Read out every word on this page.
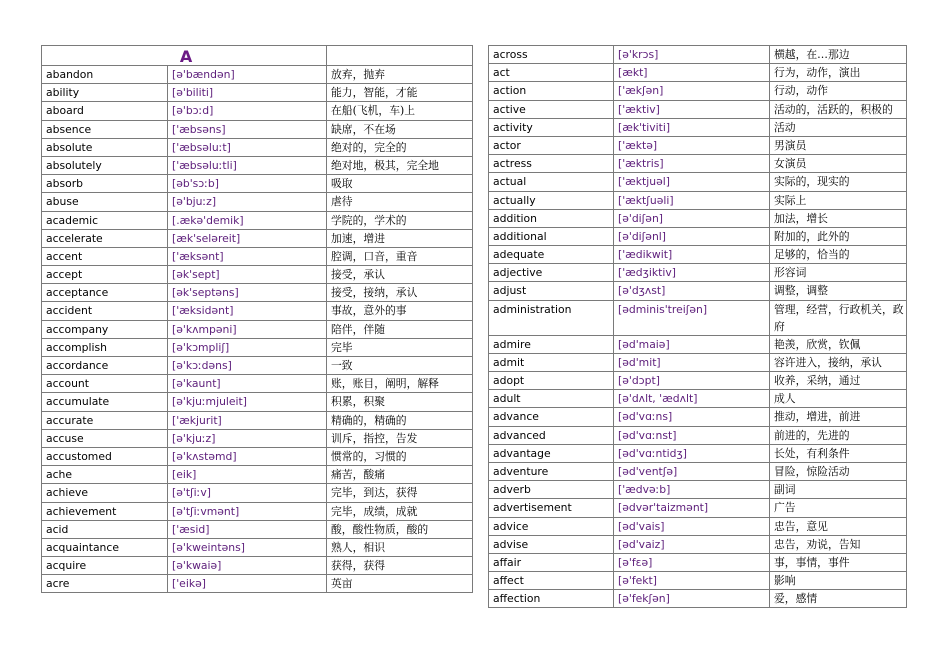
A		
abandon	[ə'bændən]	放弃，抛弃
ability	[ə'biliti]	能力，智能，才能
aboard	[ə'bɔːd]	在船(飞机，车)上
absence	['æbsəns]	缺席，不在场
absolute	['æbsəluːt]	绝对的，完全的
absolutely	['æbsəluːtli]	绝对地，极其，完全地
absorb	[əb'sɔːb]	吸取
abuse	[ə'bjuːz]	虐待
academic	[.ækə'demik]	学院的，学术的
accelerate	[æk'seləreit]	加速，增进
accent	['æksənt]	腔调，口音，重音
accept	[ək'sept]	接受，承认
acceptance	[ək'septəns]	接受，接纳，承认
accident	['æksidənt]	事故，意外的事
accompany	[ə'kʌmpəni]	陪伴，伴随
accomplish	[ə'kɔmpliʃ]	完毕
accordance	[ə'kɔːdəns]	一致
account	[ə'kaunt]	账，账目，阐明，解释
accumulate	[ə'kjuːmjuleit]	积累，积聚
accurate	['ækjurit]	精确的，精确的
accuse	[ə'kjuːz]	训斥，指控，告发
accustomed	[ə'kʌstəmd]	惯常的，习惯的
ache	[eik]	痛苦，酸痛
achieve	[ə'tʃiːv]	完毕，到达，获得
achievement	[ə'tʃiːvmənt]	完毕，成绩，成就
acid	['æsid]	酸，酸性物质，酸的
acquaintance	[ə'kweintəns]	熟人，相识
acquire	[ə'kwaiə]	获得，获得
acre	['eikə]	英亩
across	[ə'krɔs]	横越，在…那边
act	[ækt]	行为，动作，演出
action	['ækʃən]	行动，动作
active	['æktiv]	活动的，活跃的，积极的
activity	[æk'tiviti]	活动
actor	['æktə]	男演员
actress	['æktris]	女演员
actual	['æktjuəl]	实际的，现实的
actually	['æktʃuəli]	实际上
addition	[ə'diʃən]	加法，增长
additional	[ə'diʃənl]	附加的，此外的
adequate	['ædikwit]	足够的，恰当的
adjective	['ædʒiktiv]	形容词
adjust	[ə'dʒʌst]	调整，调整
administration	[ədminis'treiʃən]	管理，经营，行政机关，政府
admire	[əd'maiə]	艳羡，欣赏，钦佩
admit	[əd'mit]	容许进入，接纳，承认
adopt	[ə'dɔpt]	收养，采纳，通过
adult	[ə'dʌlt, 'ædʌlt]	成人
advance	[əd'vɑːns]	推动，增进，前进
advanced	[əd'vɑːnst]	前进的，先进的
advantage	[əd'vɑːntidʒ]	长处，有利条件
adventure	[əd'ventʃə]	冒险，惊险活动
adverb	['ædvəːb]	副词
advertisement	[ədvər'taizmənt]	广告
advice	[əd'vais]	忠告，意见
advise	[əd'vaiz]	忠告，劝说，告知
affair	[ə'fɛə]	事，事情，事件
affect	[ə'fekt]	影响
affection	[ə'fekʃən]	爱，感情
